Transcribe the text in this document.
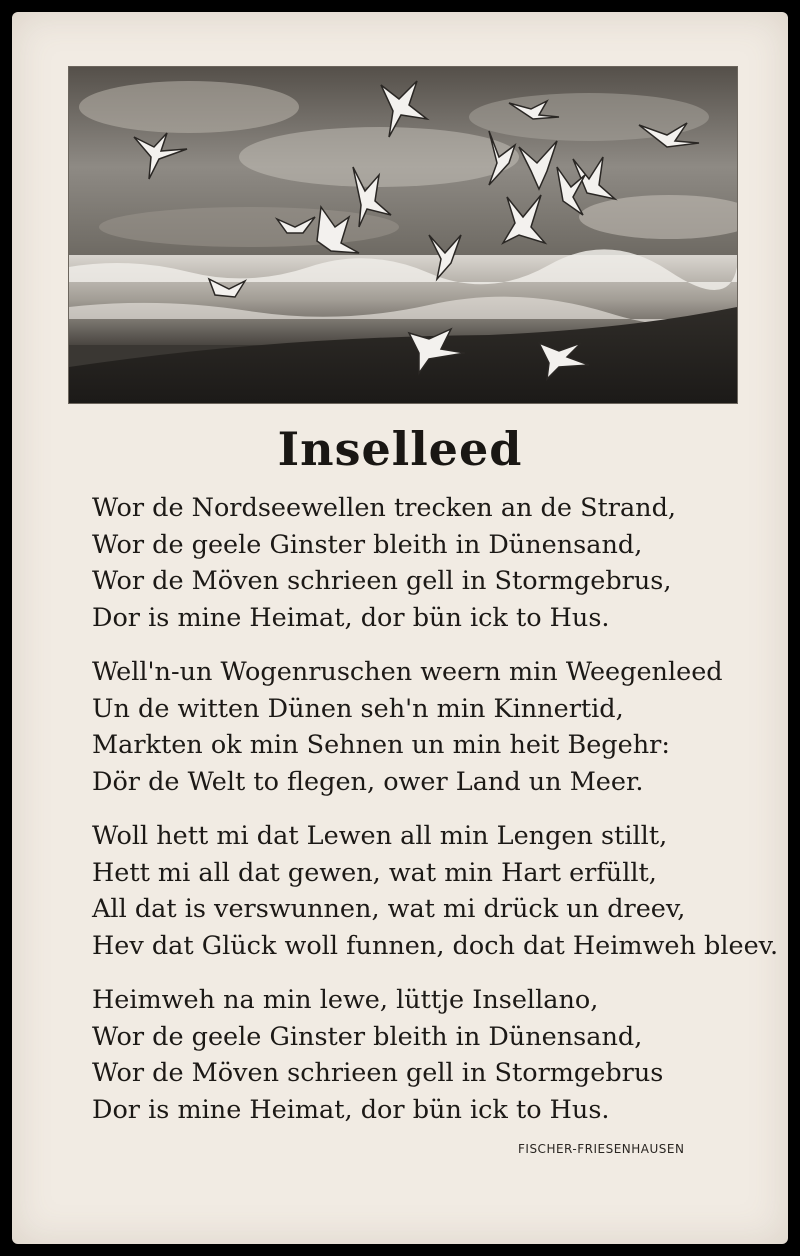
Inselleed
Wor de Nordseewellen trecken an de Strand,
Wor de geele Ginster bleith in Dünensand,
Wor de Möven schrieen gell in Stormgebrus,
Dor is mine Heimat, dor bün ick to Hus.
Well'n-un Wogenruschen weern min Weegenleed
Un de witten Dünen seh'n min Kinnertid,
Markten ok min Sehnen un min heit Begehr:
Dör de Welt to flegen, ower Land un Meer.
Woll hett mi dat Lewen all min Lengen stillt,
Hett mi all dat gewen, wat min Hart erfüllt,
All dat is verswunnen, wat mi drück un dreev,
Hev dat Glück woll funnen, doch dat Heimweh bleev.
Heimweh na min lewe, lüttje Insellano,
Wor de geele Ginster bleith in Dünensand,
Wor de Möven schrieen gell in Stormgebrus
Dor is mine Heimat, dor bün ick to Hus.
FISCHER-FRIESENHAUSEN
